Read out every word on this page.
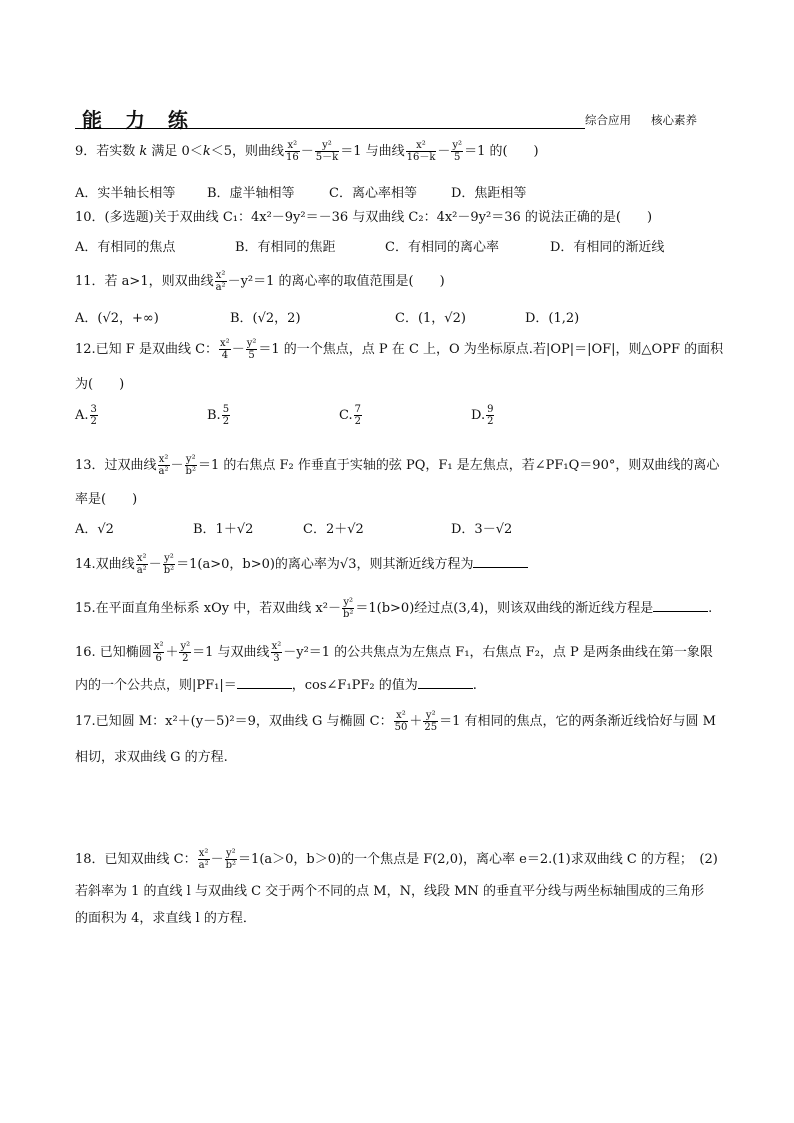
能 力 练	综合应用 核心素养
9．若实数 k 满足 0＜k＜5，则曲线 $\frac{\text{x²}}{16} - \frac{\text{y²}}{5-k} =1$ 与曲线 $\frac{\text{x²}}{16-k} - \frac{\text{y²}}{5} =1$ 的(　　)
A．实半轴长相等 B．虚半轴相等	C．离心率相等	D．焦距相等
10．(多选题)关于双曲线 C₁：4x²－9y²＝－36 与双曲线 C₂：4x²－9y²＝36 的说法正确的是(　　)
A．有相同的焦点	B．有相同的焦距	C．有相同的离心率	D．有相同的渐近线
11．若 a>1，则双曲线 $\frac{\text{x²}}{\text{a²}} -y^2=1$ 的离心率的取值范围是(　　)
A．(√2，+∞)	B．(√2，2)	C．(1，√2)	D．(1,2)
12.已知 F 是双曲线 C： $\frac{\text{x²}}{4} - \frac{\text{y²}}{5} =1$ 的一个焦点，点 P 在 C 上，O 为坐标原点.若|OP|＝|OF|，则△OPF 的面积
为(　　)
A. $\frac{3}{2}$	B. $\frac{5}{2}$	C. $\frac{7}{2}$	D. $\frac{9}{2}$
13．过双曲线 $\frac{\text{x²}}{\text{a²}} - \frac{\text{y²}}{\text{b²}} =1$ 的右焦点 F₂ 作垂直于实轴的弦 PQ，F₁ 是左焦点，若∠PF₁Q＝90°，则双曲线的离心
率是(　　)
A．√2	B．1＋√2	C．2＋√2	D．3－√2
14.双曲线 $\frac{\text{x²}}{\text{a²}} - \frac{\text{y²}}{\text{b²}} =1(a>0$，b>0)的离心率为√3，则其渐近线方程为
15.在平面直角坐标系 xOy 中，若双曲线 $x^2- \frac{\text{y²}}{\text{b²}} =1(b>0)$经过点(3,4)，则该双曲线的渐近线方程是	.
16. 已知椭圆 $\frac{\text{x²}}{6} + \frac{\text{y²}}{2} =1$ 与双曲线 $\frac{\text{x²}}{3} -y^2=1$ 的公共焦点为左焦点 F₁，右焦点 F₂，点 P 是两条曲线在第一象限
内的一个公共点，则|PF₁|＝	，cos∠F₁PF₂ 的值为	.
17.已知圆 M：x²＋(y－5)²＝9，双曲线 G 与椭圆 C： $\frac{\text{x²}}{50} + \frac{\text{y²}}{25} =1$ 有相同的焦点，它的两条渐近线恰好与圆 M
相切，求双曲线 G 的方程.
18．已知双曲线 C： $\frac{\text{x²}}{\text{a²}} - \frac{\text{y²}}{\text{b²}} =1(a>0$，b＞0)的一个焦点是 F(2,0)，离心率 e＝2.(1)求双曲线 C 的方程；　(2)
若斜率为 1 的直线 l 与双曲线 C 交于两个不同的点 M，N，线段 MN 的垂直平分线与两坐标轴围成的三角形
的面积为 4，求直线 l 的方程．
